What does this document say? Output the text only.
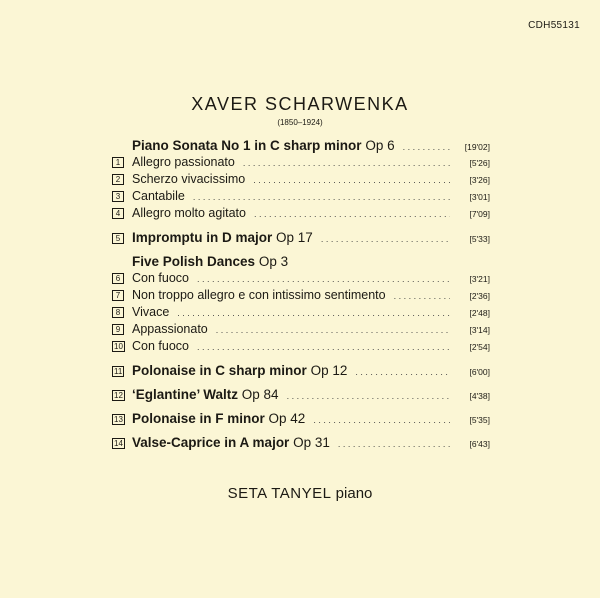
CDH55131
XAVER SCHARWENKA
(1850–1924)
Piano Sonata No 1 in C sharp minor Op 6 . . .	[19'02]
1 Allegro passionato . . .	[5'26]
2 Scherzo vivacissimo . . .	[3'26]
3 Cantabile . . .	[3'01]
4 Allegro molto agitato . . .	[7'09]
5 Impromptu in D major Op 17 . . .	[5'33]
Five Polish Dances Op 3
6 Con fuoco . . .	[3'21]
7 Non troppo allegro e con intissimo sentimento . . .	[2'36]
8 Vivace . . .	[2'48]
9 Appassionato . . .	[3'14]
10 Con fuoco . . .	[2'54]
11 Polonaise in C sharp minor Op 12 . . .	[6'00]
12 ‘Eglantine’ Waltz Op 84 . . .	[4'38]
13 Polonaise in F minor Op 42 . . .	[5'35]
14 Valse-Caprice in A major Op 31 . . .	[6'43]
SETA TANYEL piano
